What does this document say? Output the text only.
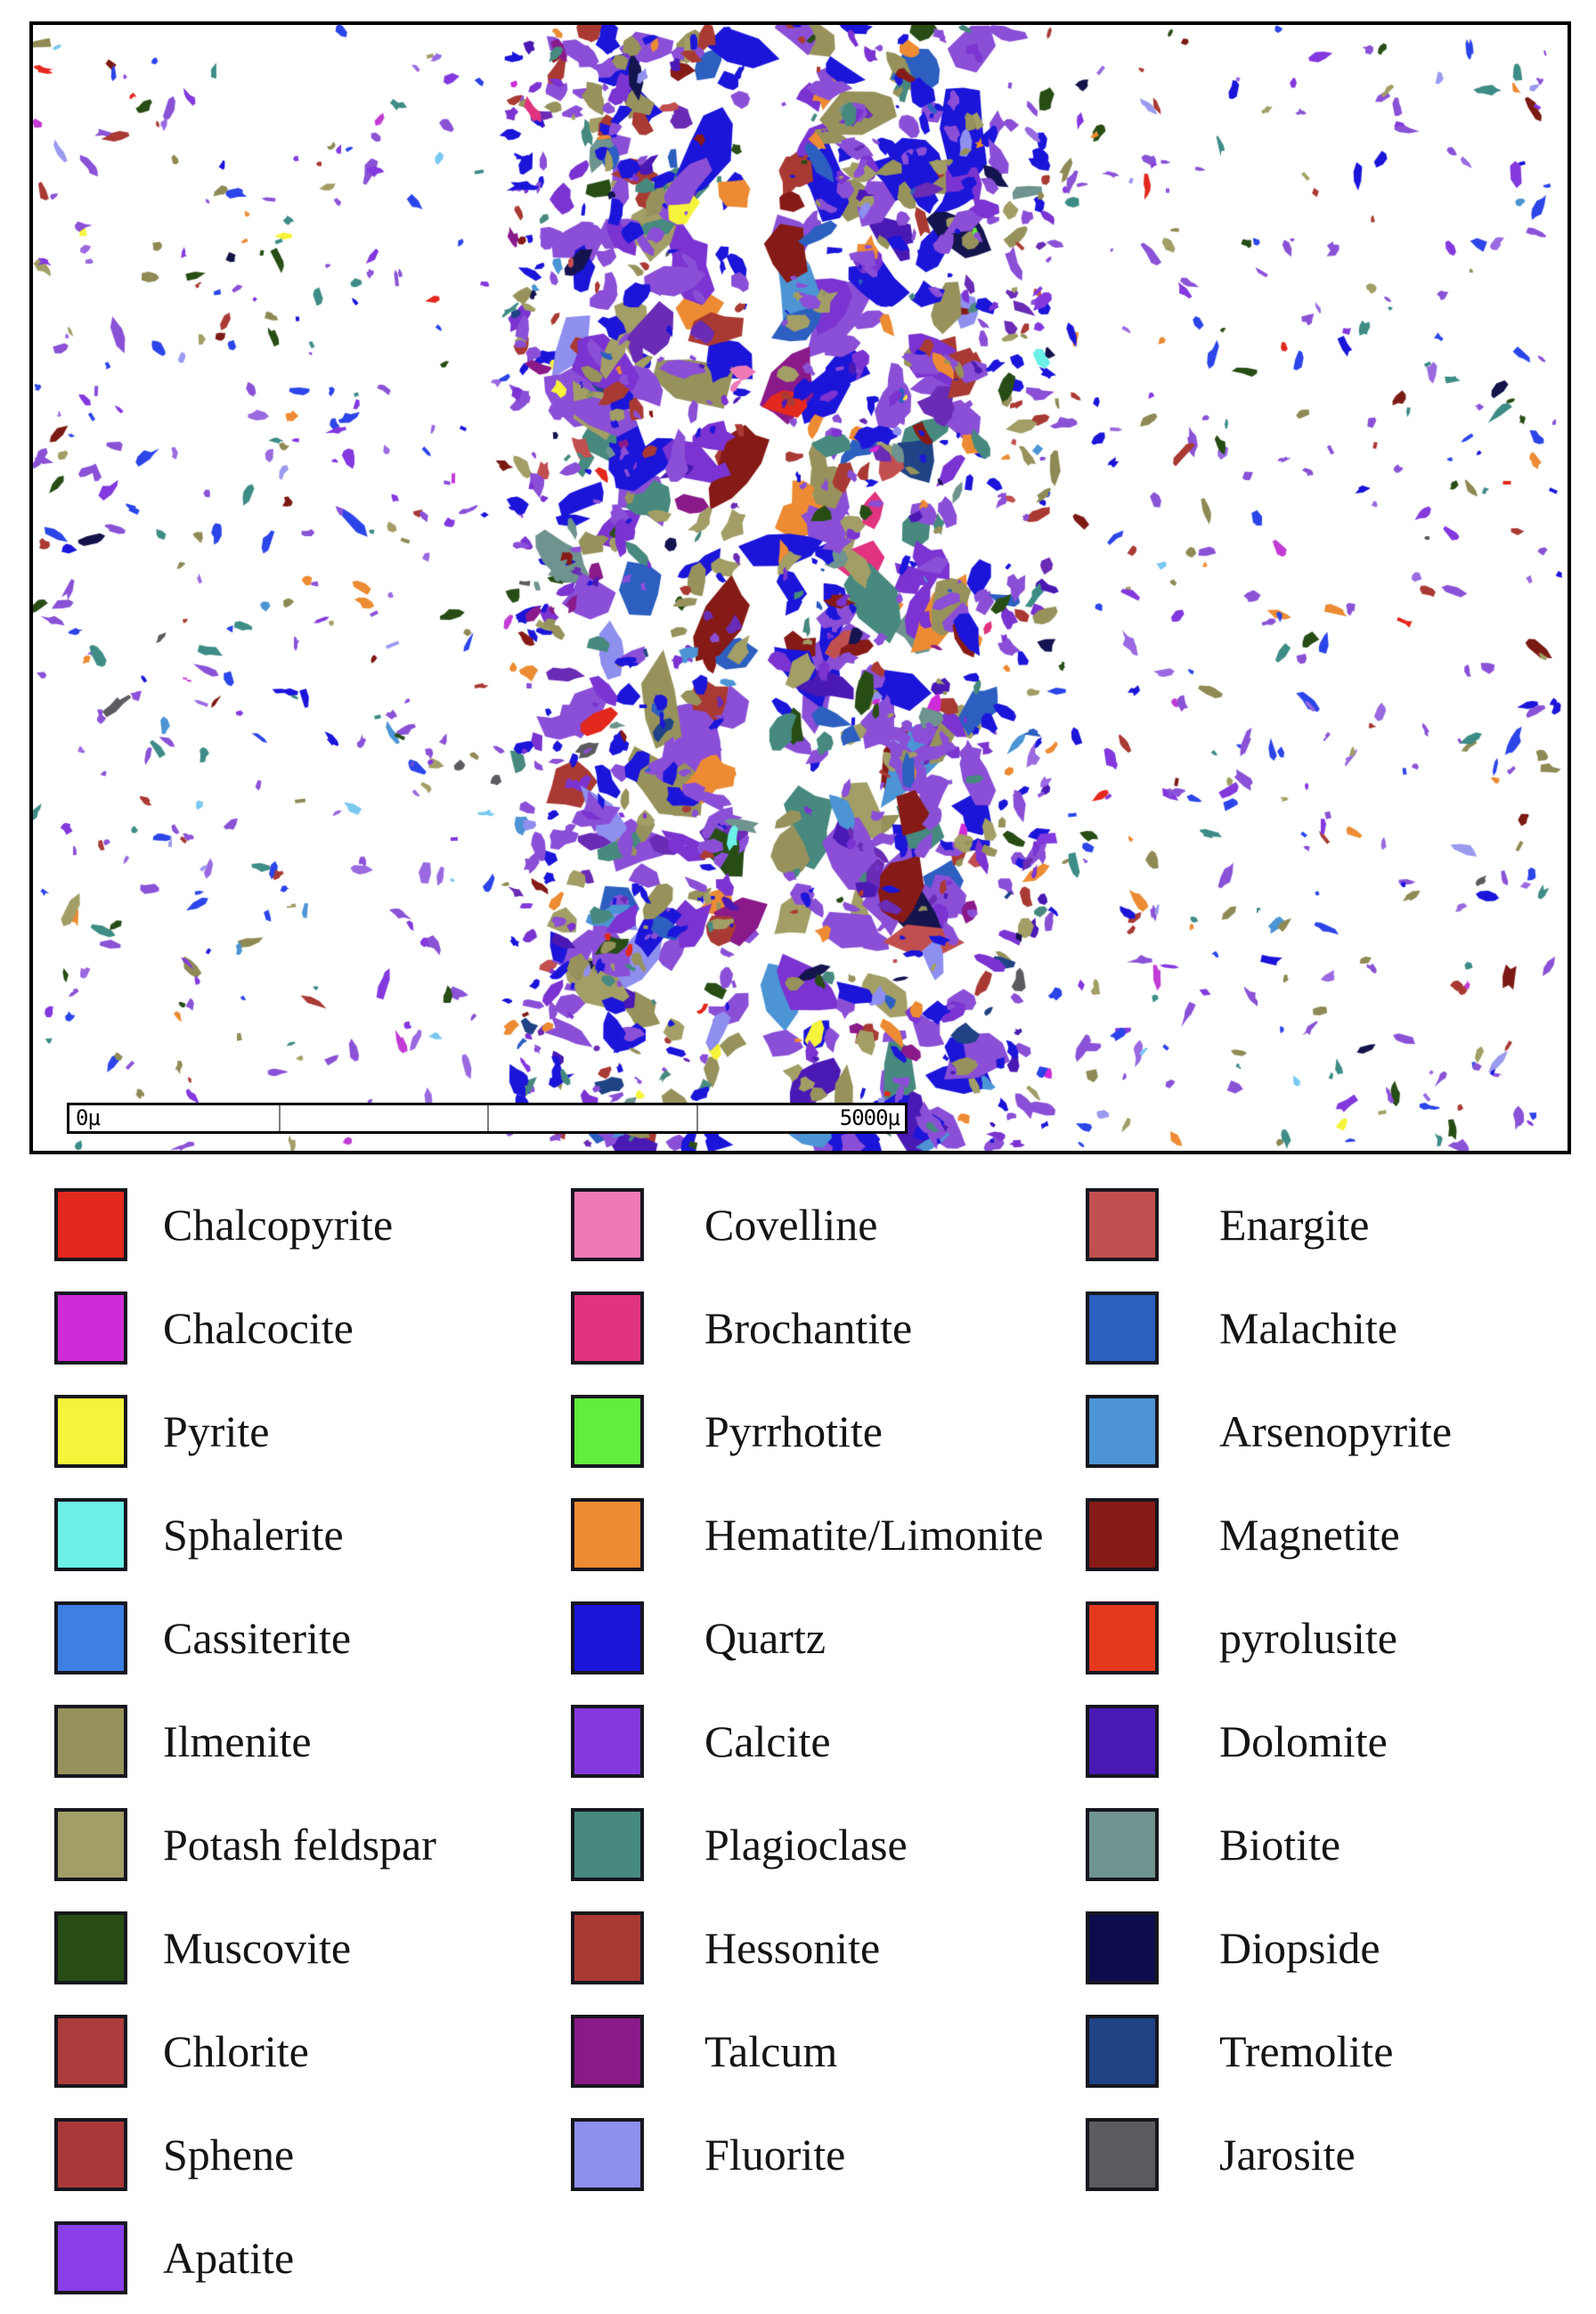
0μ	5000μ
Chalcopyrite
Chalcocite
Pyrite
Sphalerite
Cassiterite
Ilmenite
Potash feldspar
Muscovite
Chlorite
Sphene
Apatite
Covelline
Brochantite
Pyrrhotite
Hematite/Limonite
Quartz
Calcite
Plagioclase
Hessonite
Talcum
Fluorite
Enargite
Malachite
Arsenopyrite
Magnetite
pyrolusite
Dolomite
Biotite
Diopside
Tremolite
Jarosite
